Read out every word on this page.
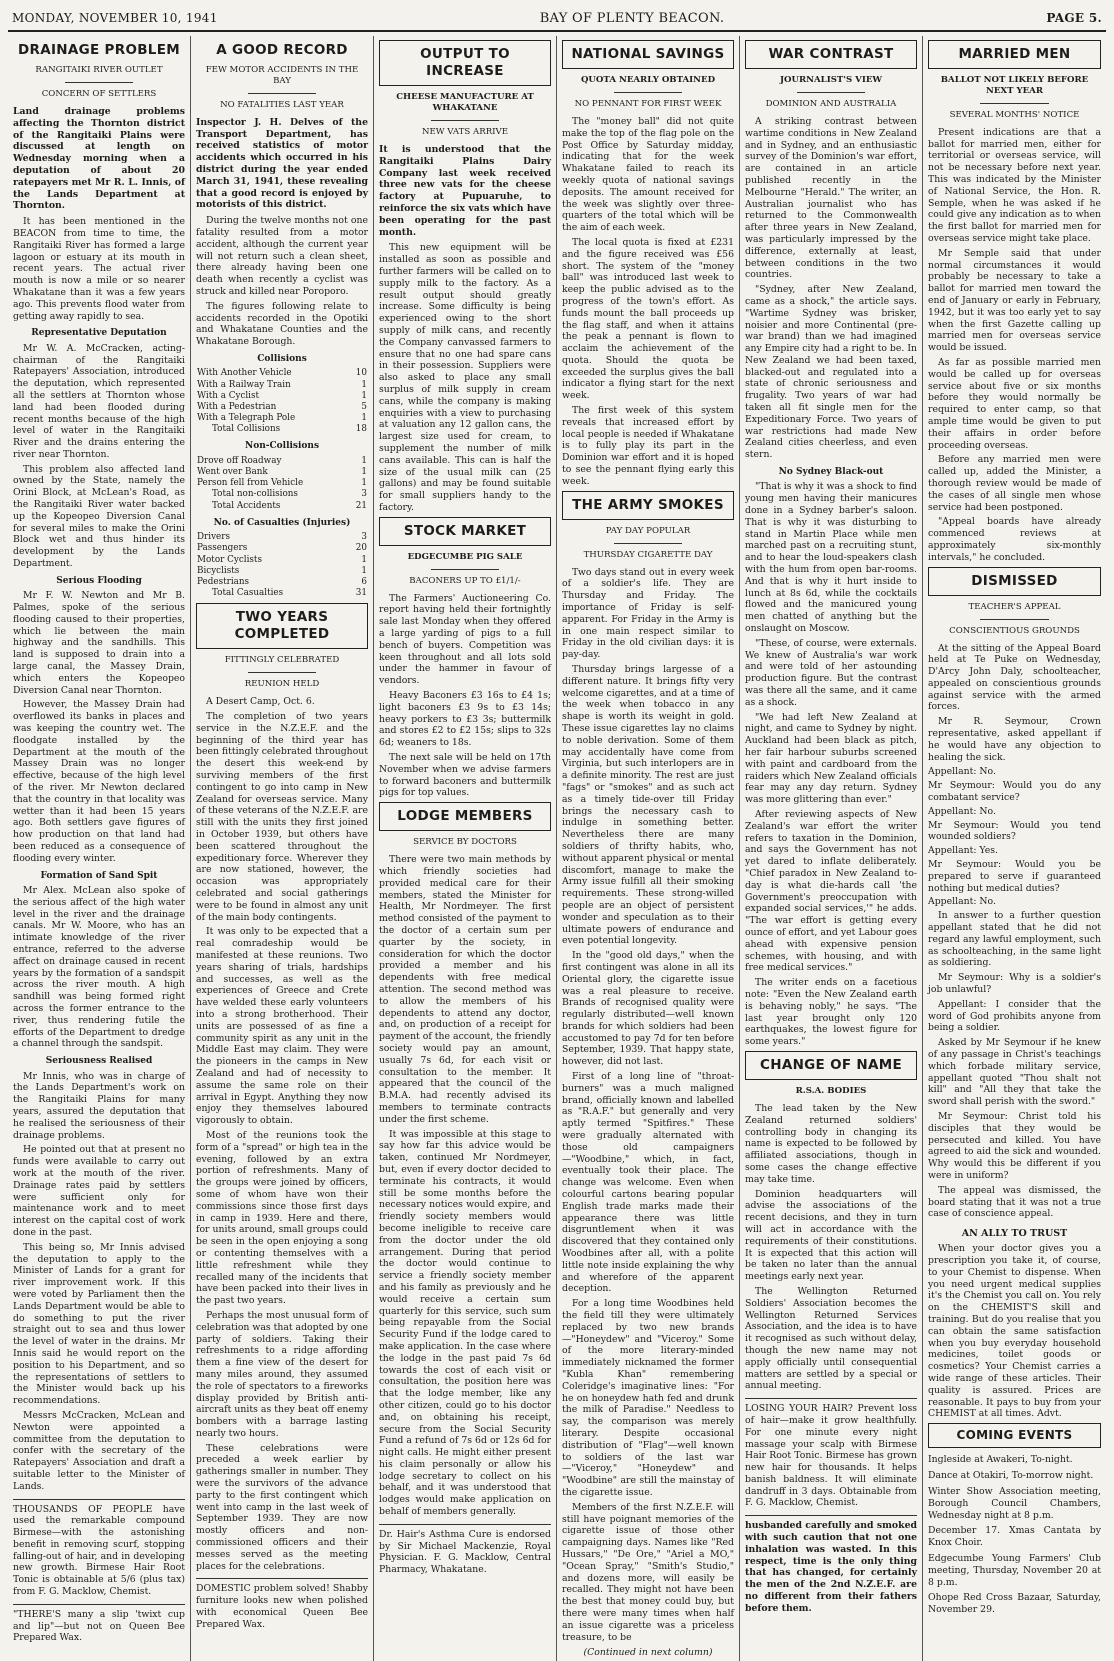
MONDAY, NOVEMBER 10, 1941	BAY OF PLENTY BEACON.	PAGE 5.
DRAINAGE PROBLEM
RANGITAIKI RIVER OUTLET
CONCERN OF SETTLERS
Land drainage problems affecting the Thornton district of the Rangitaiki Plains were discussed at length on Wednesday morning when a deputation of about 20 ratepayers met Mr R. L. Innis, of the Lands Department at Thornton.

It has been mentioned in the BEACON from time to time, the Rangitaiki River has formed a large lagoon or estuary at its mouth in recent years. The actual river mouth is now a mile or so nearer Whakatane than it was a few years ago. This prevents flood water from getting away rapidly to sea.

Representative Deputation

Mr W. A. McCracken, acting-chairman of the Rangitaiki Ratepayers' Association, introduced the deputation, which represented all the settlers at Thornton whose land had been flooded during recent months because of the high level of water in the Rangitaiki River and the drains entering the river near Thornton.

This problem also affected land owned by the State, namely the Orini Block, at McLean's Road, as the Rangitaiki River water backed up the Kopeopeo Diversion Canal for several miles to make the Orini Block wet and thus hinder its development by the Lands Department.

Serious Flooding

Mr F. W. Newton and Mr B. Palmes, spoke of the serious flooding caused to their properties, which lie between the main highway and the sandhills. This land is supposed to drain into a large canal, the Massey Drain, which enters the Kopeopeo Diversion Canal near Thornton.

However, the Massey Drain had overflowed its banks in places and was keeping the country wet. The floodgate installed by the Department at the mouth of the Massey Drain was no longer effective, because of the high level of the river. Mr Newton declared that the country in that locality was wetter than it had been 15 years ago. Both settlers gave figures of how production on that land had been reduced as a consequence of flooding every winter.

Formation of Sand Spit

Mr Alex. McLean also spoke of the serious affect of the high water level in the river and the drainage canals. Mr W. Moore, who has an intimate knowledge of the river entrance, referred to the adverse affect on drainage caused in recent years by the formation of a sandspit across the river mouth. A high sandhill was being formed right across the former entrance to the river, thus rendering futile the efforts of the Department to dredge a channel through the sandspit.

Seriousness Realised

Mr Innis, who was in charge of the Lands Department's work on the Rangitaiki Plains for many years, assured the deputation that he realised the seriousness of their drainage problems.

He pointed out that at present no funds were available to carry out work at the mouth of the river. Drainage rates paid by settlers were sufficient only for maintenance work and to meet interest on the capital cost of work done in the past.

This being so, Mr Innis advised the deputation to apply to the Minister of Lands for a grant for river improvement work. If this were voted by Parliament then the Lands Department would be able to do something to put the river straight out to sea and thus lower the level of water in the drains. Mr Innis said he would report on the position to his Department, and so the representations of settlers to the Minister would back up his recommendations.

Messrs McCracken, McLean and Newton were appointed a committee from the deputation to confer with the secretary of the Ratepayers' Association and draft a suitable letter to the Minister of Lands.

THOUSANDS OF PEOPLE have used the remarkable compound Birmese—with the astonishing benefit in removing scurf, stopping falling-out of hair, and in developing new growth. Birmese Hair Root Tonic is obtainable at 5/6 (plus tax) from F. G. Macklow, Chemist.

"THERE'S many a slip 'twixt cup and lip"—but not on Queen Bee Prepared Wax.

A GOOD RECORD
FEW MOTOR ACCIDENTS IN THE BAY
NO FATALITIES LAST YEAR
Inspector J. H. Delves of the Transport Department, has received statistics of motor accidents which occurred in his district during the year ended March 31, 1941, these revealing that a good record is enjoyed by motorists of this district.

During the twelve months not one fatality resulted from a motor accident, although the current year will not return such a clean sheet, there already having been one death when recently a cyclist was struck and killed near Poroporo.

The figures following relate to accidents recorded in the Opotiki and Whakatane Counties and the Whakatane Borough.

Collisions
With Another Vehicle	10
With a Railway Train	1
With a Cyclist	1
With a Pedestrian	5
With a Telegraph Pole	1
Total Collisions	18
Non-Collisions
Drove off Roadway	1
Went over Bank	1
Person fell from Vehicle	1
Total non-collisions	3
Total Accidents	21
No. of Casualties (Injuries)
Drivers	3
Passengers	20
Motor Cyclists	1
Bicyclists	1
Pedestrians	6
Total Casualties	31
TWO YEARS COMPLETED
FITTINGLY CELEBRATED
REUNION HELD

A Desert Camp, Oct. 6.

The completion of two years service in the N.Z.E.F. and the beginning of the third year has been fittingly celebrated throughout the desert this week-end by surviving members of the first contingent to go into camp in New Zealand for overseas service. Many of these veterans of the N.Z.E.F. are still with the units they first joined in October 1939, but others have been scattered throughout the expeditionary force. Wherever they are now stationed, however, the occasion was appropriately celebrated and social gatherings were to be found in almost any unit of the main body contingents.

It was only to be expected that a real comradeship would be manifested at these reunions. Two years sharing of trials, hardships and successes, as well as the experiences of Greece and Crete have welded these early volunteers into a strong brotherhood. Their units are possessed of as fine a community spirit as any unit in the Middle East may claim. They were the pioneers in the camps in New Zealand and had of necessity to assume the same role on their arrival in Egypt. Anything they now enjoy they themselves laboured vigorously to obtain.

Most of the reunions took the form of a "spread" or high tea in the evening, followed by an extra portion of refreshments. Many of the groups were joined by officers, some of whom have won their commissions since those first days in camp in 1939. Here and there, for units around, small groups could be seen in the open enjoying a song or contenting themselves with a little refreshment while they recalled many of the incidents that have been packed into their lives in the past two years.

Perhaps the most unusual form of celebration was that adopted by one party of soldiers. Taking their refreshments to a ridge affording them a fine view of the desert for many miles around, they assumed the role of spectators to a fireworks display provided by British anti-aircraft units as they beat off enemy bombers with a barrage lasting nearly two hours.

These celebrations were preceded a week earlier by gatherings smaller in number. They were the survivors of the advance party to the first contingent which went into camp in the last week of September 1939. They are now mostly officers and non-commissioned officers and their messes served as the meeting places for the celebrations.

DOMESTIC problem solved! Shabby furniture looks new when polished with economical Queen Bee Prepared Wax.

OUTPUT TO INCREASE
CHEESE MANUFACTURE AT WHAKATANE
NEW VATS ARRIVE
It is understood that the Rangitaiki Plains Dairy Company last week received three new vats for the cheese factory at Pupuaruhe, to reinforce the six vats which have been operating for the past month.

This new equipment will be installed as soon as possible and further farmers will be called on to supply milk to the factory. As a result output should greatly increase. Some difficulty is being experienced owing to the short supply of milk cans, and recently the Company canvassed farmers to ensure that no one had spare cans in their possession. Suppliers were also asked to place any small surplus of milk supply in cream cans, while the company is making enquiries with a view to purchasing at valuation any 12 gallon cans, the largest size used for cream, to supplement the number of milk cans available. This can is half the size of the usual milk can (25 gallons) and may be found suitable for small suppliers handy to the factory.

STOCK MARKET
EDGECUMBE PIG SALE
BACONERS UP TO £1/1/-

The Farmers' Auctioneering Co. report having held their fortnightly sale last Monday when they offered a large yarding of pigs to a full bench of buyers. Competition was keen throughout and all lots sold under the hammer in favour of vendors.

Heavy Baconers £3 16s to £4 1s; light baconers £3 9s to £3 14s; heavy porkers to £3 3s; buttermilk and stores £2 to £2 15s; slips to 32s 6d; weaners to 18s.

The next sale will be held on 17th November when we advise farmers to forward baconers and buttermilk pigs for top values.

LODGE MEMBERS
SERVICE BY DOCTORS

There were two main methods by which friendly societies had provided medical care for their members, stated the Minister for Health, Mr Nordmeyer. The first method consisted of the payment to the doctor of a certain sum per quarter by the society, in consideration for which the doctor provided a member and his dependents with free medical attention. The second method was to allow the members of his dependents to attend any doctor, and, on production of a receipt for payment of the account, the friendly society would pay an amount, usually 7s 6d, for each visit or consultation to the member. It appeared that the council of the B.M.A. had recently advised its members to terminate contracts under the first scheme.

It was impossible at this stage to say how far this advice would be taken, continued Mr Nordmeyer, but, even if every doctor decided to terminate his contracts, it would still be some months before the necessary notices would expire, and friendly society members would become ineligible to receive care from the doctor under the old arrangement. During that period the doctor would continue to service a friendly society member and his family as previously and he would receive a certain sum quarterly for this service, such sum being repayable from the Social Security Fund if the lodge cared to make application. In the case where the lodge in the past paid 7s 6d towards the cost of each visit or consultation, the position here was that the lodge member, like any other citizen, could go to his doctor and, on obtaining his receipt, secure from the Social Security Fund a refund of 7s 6d or 12s 6d for night calls. He might either present his claim personally or allow his lodge secretary to collect on his behalf, and it was understood that lodges would make application on behalf of members generally.

Dr. Hair's Asthma Cure is endorsed by Sir Michael Mackenzie, Royal Physician. F. G. Macklow, Central Pharmacy, Whakatane.

NATIONAL SAVINGS
QUOTA NEARLY OBTAINED
NO PENNANT FOR FIRST WEEK

The "money ball" did not quite make the top of the flag pole on the Post Office by Saturday midday, indicating that for the week Whakatane failed to reach its weekly quota of national savings deposits. The amount received for the week was slightly over three-quarters of the total which will be the aim of each week.

The local quota is fixed at £231 and the figure received was £56 short. The system of the "money ball" was introduced last week to keep the public advised as to the progress of the town's effort. As funds mount the ball proceeds up the flag staff, and when it attains the peak a pennant is flown to acclaim the achievement of the quota. Should the quota be exceeded the surplus gives the ball indicator a flying start for the next week.

The first week of this system reveals that increased effort by local people is needed if Whakatane is to fully play its part in the Dominion war effort and it is hoped to see the pennant flying early this week.

THE ARMY SMOKES
PAY DAY POPULAR
THURSDAY CIGARETTE DAY

Two days stand out in every week of a soldier's life. They are Thursday and Friday. The importance of Friday is self-apparent. For Friday in the Army is in one main respect similar to Friday in the old civilian days: it is pay-day.

Thursday brings largesse of a different nature. It brings fifty very welcome cigarettes, and at a time of the week when tobacco in any shape is worth its weight in gold. These issue cigarettes lay no claims to noble derivation. Some of them may accidentally have come from Virginia, but such interlopers are in a definite minority. The rest are just "fags" or "smokes" and as such act as a timely tide-over till Friday brings the necessary cash to indulge in something better. Nevertheless there are many soldiers of thrifty habits, who, without apparent physical or mental discomfort, manage to make the Army issue fulfill all their smoking requirements. These strong-willed people are an object of persistent wonder and speculation as to their ultimate powers of endurance and even potential longevity.

In the "good old days," when the first contingent was alone in all its Oriental glory, the cigarette issue was a real pleasure to receive. Brands of recognised quality were regularly distributed—well known brands for which soldiers had been accustomed to pay 7d for ten before September, 1939. That happy state, however, did not last.

First of a long line of "throat-burners" was a much maligned brand, officially known and labelled as "R.A.F." but generally and very aptly termed "Spitfires." These were gradually alternated with those old campaigners—"Woodbine," which, in fact, eventually took their place. The change was welcome. Even when colourful cartons bearing popular English trade marks made their appearance there was little disgruntlement when it was discovered that they contained only Woodbines after all, with a polite little note inside explaining the why and wherefore of the apparent deception.

For a long time Woodbines held the field till they were ultimately replaced by two new brands—"Honeydew" and "Viceroy." Some of the more literary-minded immediately nicknamed the former "Kubla Khan" remembering Coleridge's imaginative lines: "For he on honeydew hath fed and drunk the milk of Paradise." Needless to say, the comparison was merely literary. Despite occasional distribution of "Flag"—well known to soldiers of the last war—"Viceroy," "Honeydew" and "Woodbine" are still the mainstay of the cigarette issue.

Members of the first N.Z.E.F. will still have poignant memories of the cigarette issue of those other campaigning days. Names like "Red Hussars," "De Ore," "Ariel a MO," "Ocean Spray," "Smith's Studio," and dozens more, will easily be recalled. They might not have been the best that money could buy, but there were many times when half an issue cigarette was a priceless treasure, to be

(Continued in next column)
WAR CONTRAST
JOURNALIST'S VIEW
DOMINION AND AUSTRALIA

A striking contrast between wartime conditions in New Zealand and in Sydney, and an enthusiastic survey of the Dominion's war effort, are contained in an article published recently in the Melbourne "Herald." The writer, an Australian journalist who has returned to the Commonwealth after three years in New Zealand, was particularly impressed by the difference, externally at least, between conditions in the two countries.

"Sydney, after New Zealand, came as a shock," the article says. "Wartime Sydney was brisker, noisier and more Continental (pre-war brand) than we had imagined any Empire city had a right to be. In New Zealand we had been taxed, blacked-out and regulated into a state of chronic seriousness and frugality. Two years of war had taken all fit single men for the Expeditionary Force. Two years of war restrictions had made New Zealand cities cheerless, and even stern.

No Sydney Black-out

"That is why it was a shock to find young men having their manicures done in a Sydney barber's saloon. That is why it was disturbing to stand in Martin Place while men marched past on a recruiting stunt, and to hear the loud-speakers clash with the hum from open bar-rooms. And that is why it hurt inside to lunch at 8s 6d, while the cocktails flowed and the manicured young men chatted of anything but the onslaught on Moscow.

"These, of course, were externals. We knew of Australia's war work and were told of her astounding production figure. But the contrast was there all the same, and it came as a shock.

"We had left New Zealand at night, and came to Sydney by night. Auckland had been black as pitch, her fair harbour suburbs screened with paint and cardboard from the raiders which New Zealand officials fear may any day return. Sydney was more glittering than ever."

After reviewing aspects of New Zealand's war effort the writer refers to taxation in the Dominion, and says the Government has not yet dared to inflate deliberately. "Chief paradox in New Zealand to-day is what die-hards call 'the Government's preoccupation with expanded social services,'" he adds. "The war effort is getting every ounce of effort, and yet Labour goes ahead with expensive pension schemes, with housing, and with free medical services."

The writer ends on a facetious note: "Even the New Zealand earth is behaving nobly," he says. "The last year brought only 120 earthquakes, the lowest figure for some years."

CHANGE OF NAME
R.S.A. BODIES

The lead taken by the New Zealand returned soldiers' controlling body in changing its name is expected to be followed by affiliated associations, though in some cases the change effective may take time.

Dominion headquarters will advise the associations of the recent decisions, and they in turn will act in accordance with the requirements of their constitutions. It is expected that this action will be taken no later than the annual meetings early next year.

The Wellington Returned Soldiers' Association becomes the Wellington Returned Services Association, and the idea is to have it recognised as such without delay, though the new name may not apply officially until consequential matters are settled by a special or annual meeting.

LOSING YOUR HAIR? Prevent loss of hair—make it grow healthfully. For one minute every night massage your scalp with Birmese Hair Root Tonic. Birmese has grown new hair for thousands. It helps banish baldness. It will eliminate dandruff in 3 days. Obtainable from F. G. Macklow, Chemist.

husbanded carefully and smoked with such caution that not one inhalation was wasted. In this respect, time is the only thing that has changed, for certainly the men of the 2nd N.Z.E.F. are no different from their fathers before them.

MARRIED MEN
BALLOT NOT LIKELY BEFORE NEXT YEAR
SEVERAL MONTHS' NOTICE

Present indications are that a ballot for married men, either for territorial or overseas service, will not be necessary before next year. This was indicated by the Minister of National Service, the Hon. R. Semple, when he was asked if he could give any indication as to when the first ballot for married men for overseas service might take place.

Mr Semple said that under normal circumstances it would probably be necessary to take a ballot for married men toward the end of January or early in February, 1942, but it was too early yet to say when the first Gazette calling up married men for overseas service would be issued.

As far as possible married men would be called up for overseas service about five or six months before they would normally be required to enter camp, so that ample time would be given to put their affairs in order before proceeding overseas.

Before any married men were called up, added the Minister, a thorough review would be made of the cases of all single men whose service had been postponed.

"Appeal boards have already commenced reviews at approximately six-monthly intervals," he concluded.

DISMISSED
TEACHER'S APPEAL
CONSCIENTIOUS GROUNDS

At the sitting of the Appeal Board held at Te Puke on Wednesday, D'Arcy John Daly, schoolteacher, appealed on conscientious grounds against service with the armed forces.

Mr R. Seymour, Crown representative, asked appellant if he would have any objection to healing the sick.

Appellant: No.

Mr Seymour: Would you do any combatant service?

Appellant: No.

Mr Seymour: Would you tend wounded soldiers?

Appellant: Yes.

Mr Seymour: Would you be prepared to serve if guaranteed nothing but medical duties?

Appellant: No.

In answer to a further question appellant stated that he did not regard any lawful employment, such as schoolteaching, in the same light as soldiering.

Mr Seymour: Why is a soldier's job unlawful?

Appellant: I consider that the word of God prohibits anyone from being a soldier.

Asked by Mr Seymour if he knew of any passage in Christ's teachings which forbade military service, appellant quoted "Thou shalt not kill" and "All they that take the sword shall perish with the sword."

Mr Seymour: Christ told his disciples that they would be persecuted and killed. You have agreed to aid the sick and wounded. Why would this be different if you were in uniform?

The appeal was dismissed, the board stating that it was not a true case of conscience appeal.

AN ALLY TO TRUST

When your doctor gives you a prescription you take it, of course, to your Chemist to dispense. When you need urgent medical supplies it's the Chemist you call on. You rely on the CHEMIST'S skill and training. But do you realise that you can obtain the same satisfaction when you buy everyday household medicines, toilet goods or cosmetics? Your Chemist carries a wide range of these articles. Their quality is assured. Prices are reasonable. It pays to buy from your CHEMIST at all times. Advt.

COMING EVENTS

Ingleside at Awakeri, To-night.

Dance at Otakiri, To-morrow night.

Winter Show Association meeting, Borough Council Chambers, Wednesday night at 8 p.m.

December 17. Xmas Cantata by Knox Choir.

Edgecumbe Young Farmers' Club meeting, Thursday, November 20 at 8 p.m.

Ohope Red Cross Bazaar, Saturday, November 29.
